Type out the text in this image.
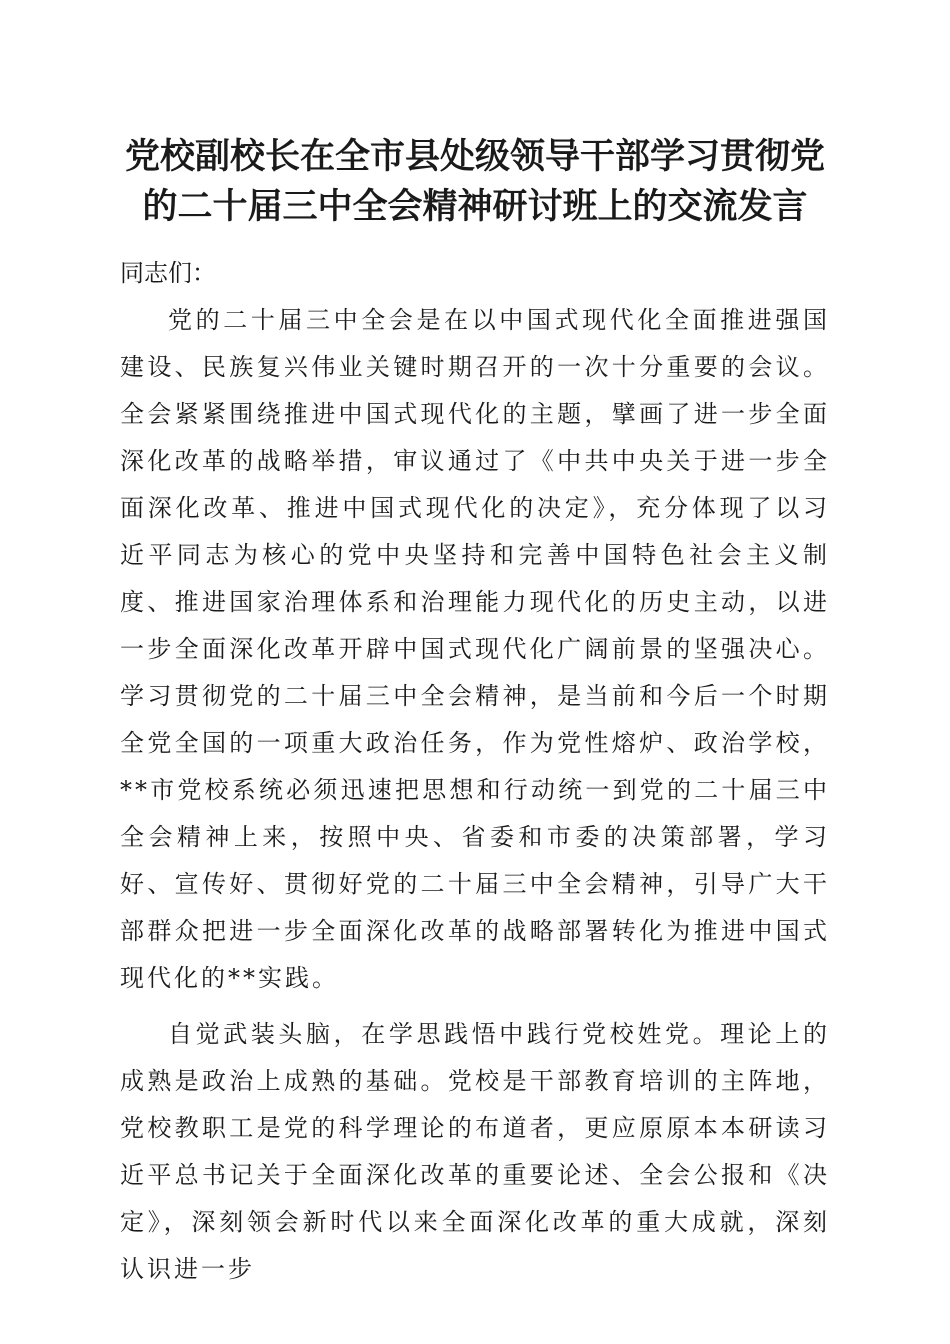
党校副校长在全市县处级领导干部学习贯彻党
的二十届三中全会精神研讨班上的交流发言

同志们：

党的二十届三中全会是在以中国式现代化全面推进强国建设、民族复兴伟业关键时期召开的一次十分重要的会议。全会紧紧围绕推进中国式现代化的主题，擘画了进一步全面深化改革的战略举措，审议通过了《中共中央关于进一步全面深化改革、推进中国式现代化的决定》，充分体现了以习近平同志为核心的党中央坚持和完善中国特色社会主义制度、推进国家治理体系和治理能力现代化的历史主动，以进一步全面深化改革开辟中国式现代化广阔前景的坚强决心。学习贯彻党的二十届三中全会精神，是当前和今后一个时期全党全国的一项重大政治任务，作为党性熔炉、政治学校，**市党校系统必须迅速把思想和行动统一到党的二十届三中全会精神上来，按照中央、省委和市委的决策部署，学习好、宣传好、贯彻好党的二十届三中全会精神，引导广大干部群众把进一步全面深化改革的战略部署转化为推进中国式现代化的**实践。

自觉武装头脑，在学思践悟中践行党校姓党。理论上的成熟是政治上成熟的基础。党校是干部教育培训的主阵地，党校教职工是党的科学理论的布道者，更应原原本本研读习近平总书记关于全面深化改革的重要论述、全会公报和《决定》，深刻领会新时代以来全面深化改革的重大成就，深刻认识进一步
